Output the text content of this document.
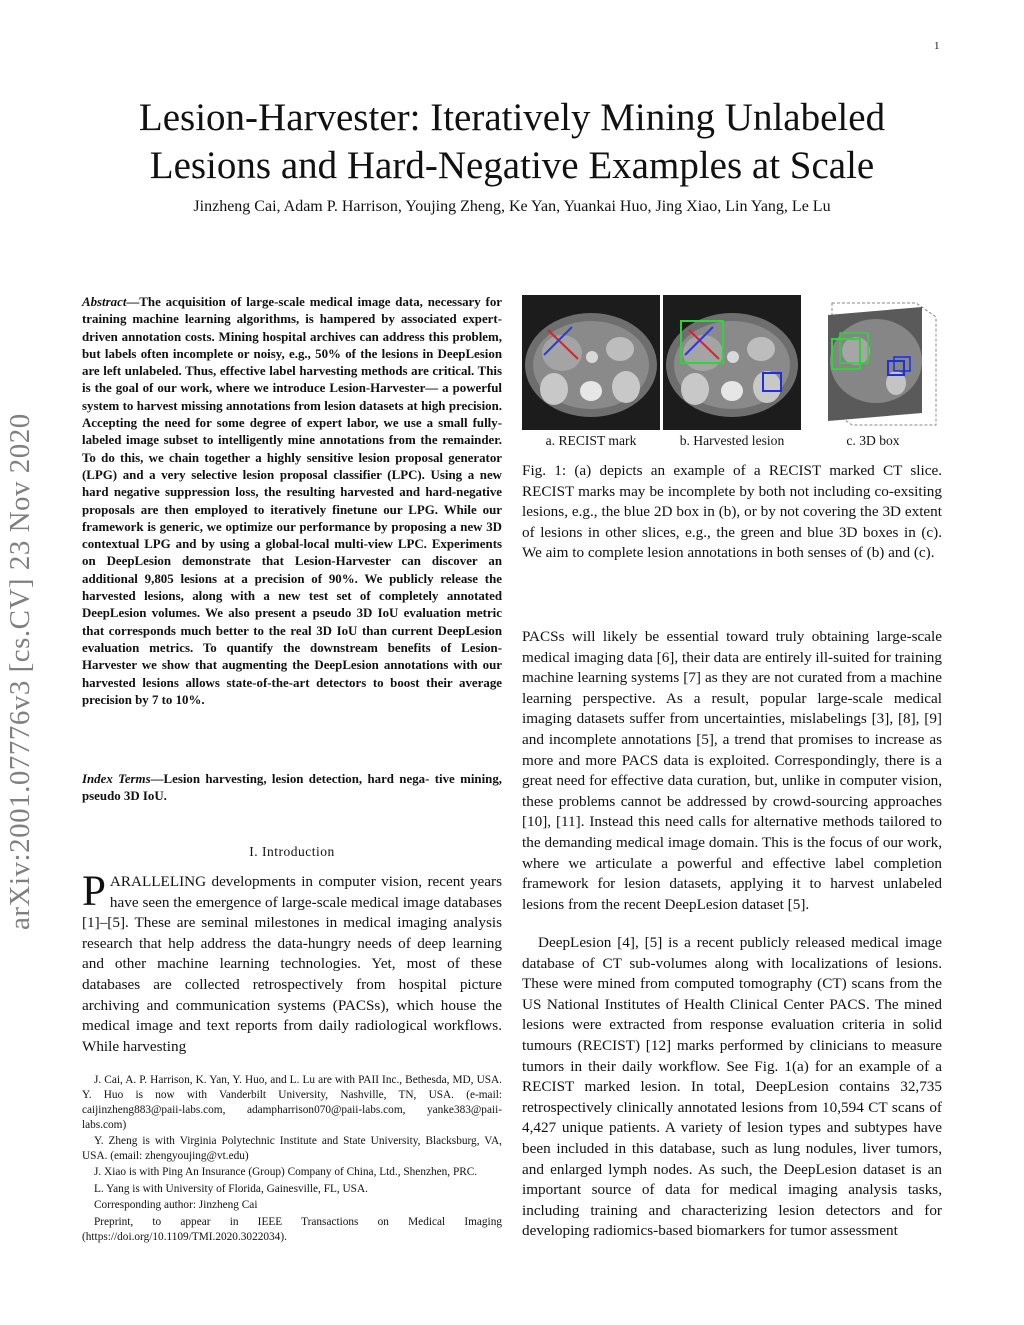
1
Lesion-Harvester: Iteratively Mining Unlabeled
Lesions and Hard-Negative Examples at Scale
Jinzheng Cai, Adam P. Harrison, Youjing Zheng, Ke Yan, Yuankai Huo, Jing Xiao, Lin Yang, Le Lu
arXiv:2001.07776v3 [cs.CV] 23 Nov 2020
Abstract—The acquisition of large-scale medical image data, necessary for training machine learning algorithms, is hampered by associated expert-driven annotation costs. Mining hospital archives can address this problem, but labels often incomplete or noisy, e.g., 50% of the lesions in DeepLesion are left unlabeled. Thus, effective label harvesting methods are critical. This is the goal of our work, where we introduce Lesion-Harvester— a powerful system to harvest missing annotations from lesion datasets at high precision. Accepting the need for some degree of expert labor, we use a small fully-labeled image subset to intelligently mine annotations from the remainder. To do this, we chain together a highly sensitive lesion proposal generator (LPG) and a very selective lesion proposal classifier (LPC). Using a new hard negative suppression loss, the resulting harvested and hard-negative proposals are then employed to iteratively finetune our LPG. While our framework is generic, we optimize our performance by proposing a new 3D contextual LPG and by using a global-local multi-view LPC. Experiments on DeepLesion demonstrate that Lesion-Harvester can discover an additional 9,805 lesions at a precision of 90%. We publicly release the harvested lesions, along with a new test set of completely annotated DeepLesion volumes. We also present a pseudo 3D IoU evaluation metric that corresponds much better to the real 3D IoU than current DeepLesion evaluation metrics. To quantify the downstream benefits of Lesion-Harvester we show that augmenting the DeepLesion annotations with our harvested lesions allows state-of-the-art detectors to boost their average precision by 7 to 10%.
Index Terms—Lesion harvesting, lesion detection, hard nega- tive mining, pseudo 3D IoU.
I. Introduction
PARALLELING developments in computer vision, recent years have seen the emergence of large-scale medical image databases [1]–[5]. These are seminal milestones in medical imaging analysis research that help address the data-hungry needs of deep learning and other machine learning technologies. Yet, most of these databases are collected retrospectively from hospital picture archiving and communication systems (PACSs), which house the medical image and text reports from daily radiological workflows. While harvesting

J. Cai, A. P. Harrison, K. Yan, Y. Huo, and L. Lu are with PAII Inc., Bethesda, MD, USA. Y. Huo is now with Vanderbilt University, Nashville, TN, USA. (e-mail: caijinzheng883@paii-labs.com, adampharrison070@paii-labs.com, yanke383@paii-labs.com)

Y. Zheng is with Virginia Polytechnic Institute and State University, Blacksburg, VA, USA. (email: zhengyoujing@vt.edu)

J. Xiao is with Ping An Insurance (Group) Company of China, Ltd., Shenzhen, PRC.

L. Yang is with University of Florida, Gainesville, FL, USA.

Corresponding author: Jinzheng Cai

Preprint, to appear in IEEE Transactions on Medical Imaging (https://doi.org/10.1109/TMI.2020.3022034).

a. RECIST mark	b. Harvested lesion	c. 3D box
Fig. 1: (a) depicts an example of a RECIST marked CT slice. RECIST marks may be incomplete by both not including co-exsiting lesions, e.g., the blue 2D box in (b), or by not covering the 3D extent of lesions in other slices, e.g., the green and blue 3D boxes in (c). We aim to complete lesion annotations in both senses of (b) and (c).
PACSs will likely be essential toward truly obtaining large-scale medical imaging data [6], their data are entirely ill-suited for training machine learning systems [7] as they are not curated from a machine learning perspective. As a result, popular large-scale medical imaging datasets suffer from uncertainties, mislabelings [3], [8], [9] and incomplete annotations [5], a trend that promises to increase as more and more PACS data is exploited. Correspondingly, there is a great need for effective data curation, but, unlike in computer vision, these problems cannot be addressed by crowd-sourcing approaches [10], [11]. Instead this need calls for alternative methods tailored to the demanding medical image domain. This is the focus of our work, where we articulate a powerful and effective label completion framework for lesion datasets, applying it to harvest unlabeled lesions from the recent DeepLesion dataset [5].
DeepLesion [4], [5] is a recent publicly released medical image database of CT sub-volumes along with localizations of lesions. These were mined from computed tomography (CT) scans from the US National Institutes of Health Clinical Center PACS. The mined lesions were extracted from response evaluation criteria in solid tumours (RECIST) [12] marks performed by clinicians to measure tumors in their daily workflow. See Fig. 1(a) for an example of a RECIST marked lesion. In total, DeepLesion contains 32,735 retrospectively clinically annotated lesions from 10,594 CT scans of 4,427 unique patients. A variety of lesion types and subtypes have been included in this database, such as lung nodules, liver tumors, and enlarged lymph nodes. As such, the DeepLesion dataset is an important source of data for medical imaging analysis tasks, including training and characterizing lesion detectors and for developing radiomics-based biomarkers for tumor assessment
